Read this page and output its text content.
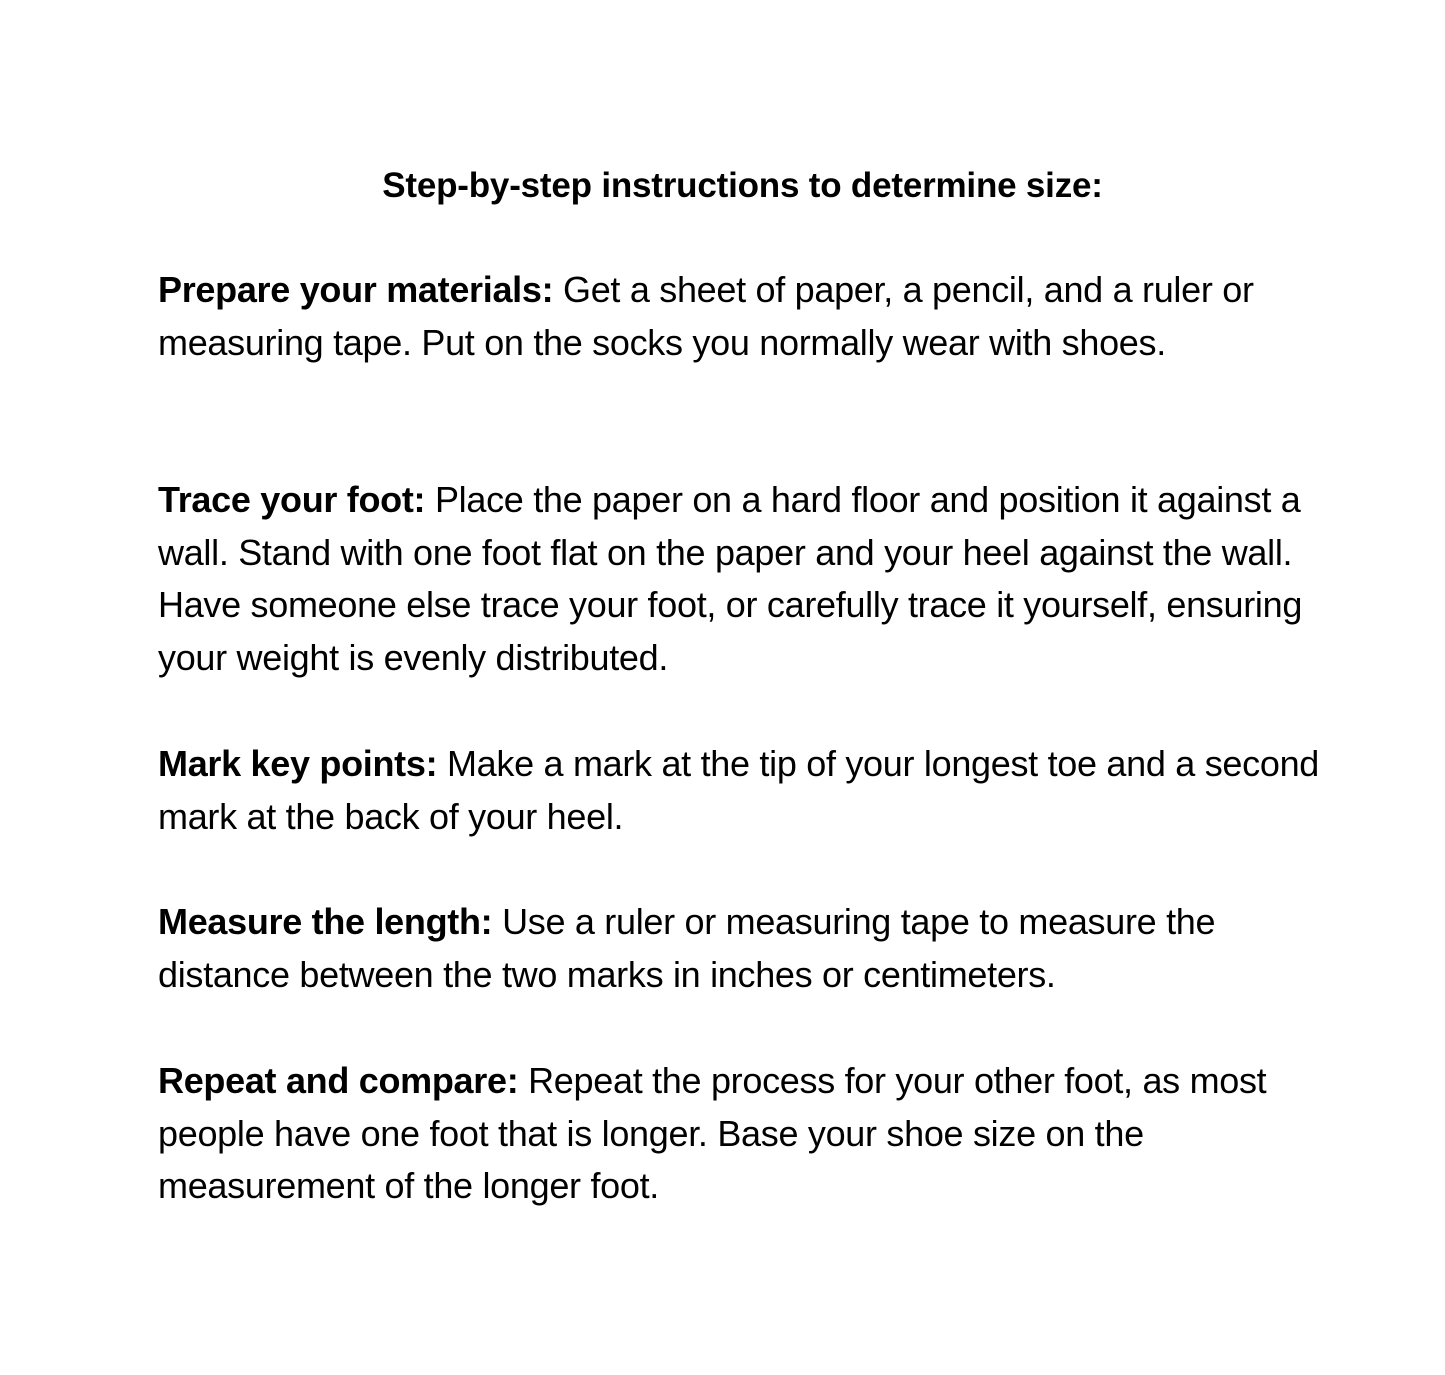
Step-by-step instructions to determine size:

Prepare your materials: Get a sheet of paper, a pencil, and a ruler or measuring tape. Put on the socks you normally wear with shoes.

Trace your foot: Place the paper on a hard floor and position it against a wall. Stand with one foot flat on the paper and your heel against the wall. Have someone else trace your foot, or carefully trace it yourself, ensuring your weight is evenly distributed.

Mark key points: Make a mark at the tip of your longest toe and a second mark at the back of your heel.

Measure the length: Use a ruler or measuring tape to measure the distance between the two marks in inches or centimeters.

Repeat and compare: Repeat the process for your other foot, as most people have one foot that is longer. Base your shoe size on the measurement of the longer foot.
